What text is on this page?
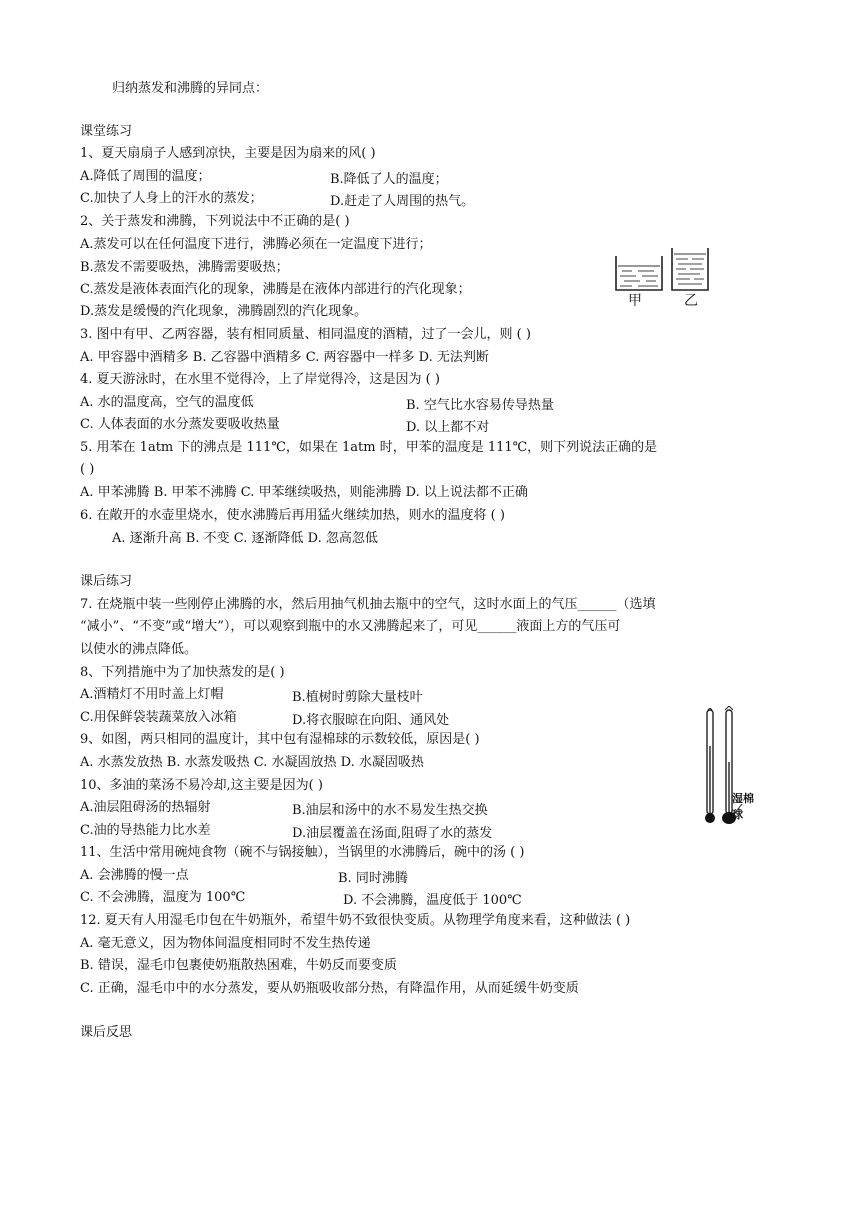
归纳蒸发和沸腾的异同点：
课堂练习
1、夏天扇扇子人感到凉快，主要是因为扇来的风( )
A.降低了周围的温度；	B.降低了人的温度；
C.加快了人身上的汗水的蒸发；	D.赶走了人周围的热气。
2、关于蒸发和沸腾，下列说法中不正确的是( )
A.蒸发可以在任何温度下进行，沸腾必须在一定温度下进行；
B.蒸发不需要吸热，沸腾需要吸热；
C.蒸发是液体表面汽化的现象，沸腾是在液体内部进行的汽化现象；
D.蒸发是缓慢的汽化现象，沸腾剧烈的汽化现象。
甲	乙
3. 图中有甲、乙两容器，装有相同质量、相同温度的酒精，过了一会儿，则 ( )
A. 甲容器中酒精多 B. 乙容器中酒精多 C. 两容器中一样多 D. 无法判断
4. 夏天游泳时，在水里不觉得冷，上了岸觉得冷，这是因为 ( )
A. 水的温度高，空气的温度低	B. 空气比水容易传导热量
C. 人体表面的水分蒸发要吸收热量	D. 以上都不对
5. 用苯在 1atm 下的沸点是 111℃，如果在 1atm 时，甲苯的温度是 111℃，则下列说法正确的是
( )
A. 甲苯沸腾 B. 甲苯不沸腾 C. 甲苯继续吸热，则能沸腾 D. 以上说法都不正确
6. 在敞开的水壶里烧水，使水沸腾后再用猛火继续加热，则水的温度将 ( )
A. 逐渐升高 B. 不变 C. 逐渐降低 D. 忽高忽低
课后练习
7. 在烧瓶中装一些刚停止沸腾的水，然后用抽气机抽去瓶中的空气，这时水面上的气压______（选填
“减小”、“不变”或“增大”），可以观察到瓶中的水又沸腾起来了，可见______液面上方的气压可
以使水的沸点降低。
8、下列措施中为了加快蒸发的是( )
A.酒精灯不用时盖上灯帽	B.植树时剪除大量枝叶
C.用保鲜袋装蔬菜放入冰箱	D.将衣服晾在向阳、通风处
湿棉球
9、如图，两只相同的温度计，其中包有湿棉球的示数较低，原因是( )
A. 水蒸发放热 B. 水蒸发吸热 C. 水凝固放热 D. 水凝固吸热
10、多油的菜汤不易冷却,这主要是因为( )
A.油层阻碍汤的热辐射	B.油层和汤中的水不易发生热交换
C.油的导热能力比水差	D.油层覆盖在汤面,阻碍了水的蒸发
11、生活中常用碗炖食物（碗不与锅接触），当锅里的水沸腾后，碗中的汤 ( )
A. 会沸腾的慢一点	B. 同时沸腾
C. 不会沸腾，温度为 100℃	D. 不会沸腾，温度低于 100℃
12. 夏天有人用湿毛巾包在牛奶瓶外，希望牛奶不致很快变质。从物理学角度来看，这种做法 ( )
A. 毫无意义，因为物体间温度相同时不发生热传递
B. 错误，湿毛巾包裹使奶瓶散热困难，牛奶反而要变质
C. 正确，湿毛巾中的水分蒸发，要从奶瓶吸收部分热，有降温作用，从而延缓牛奶变质
课后反思
